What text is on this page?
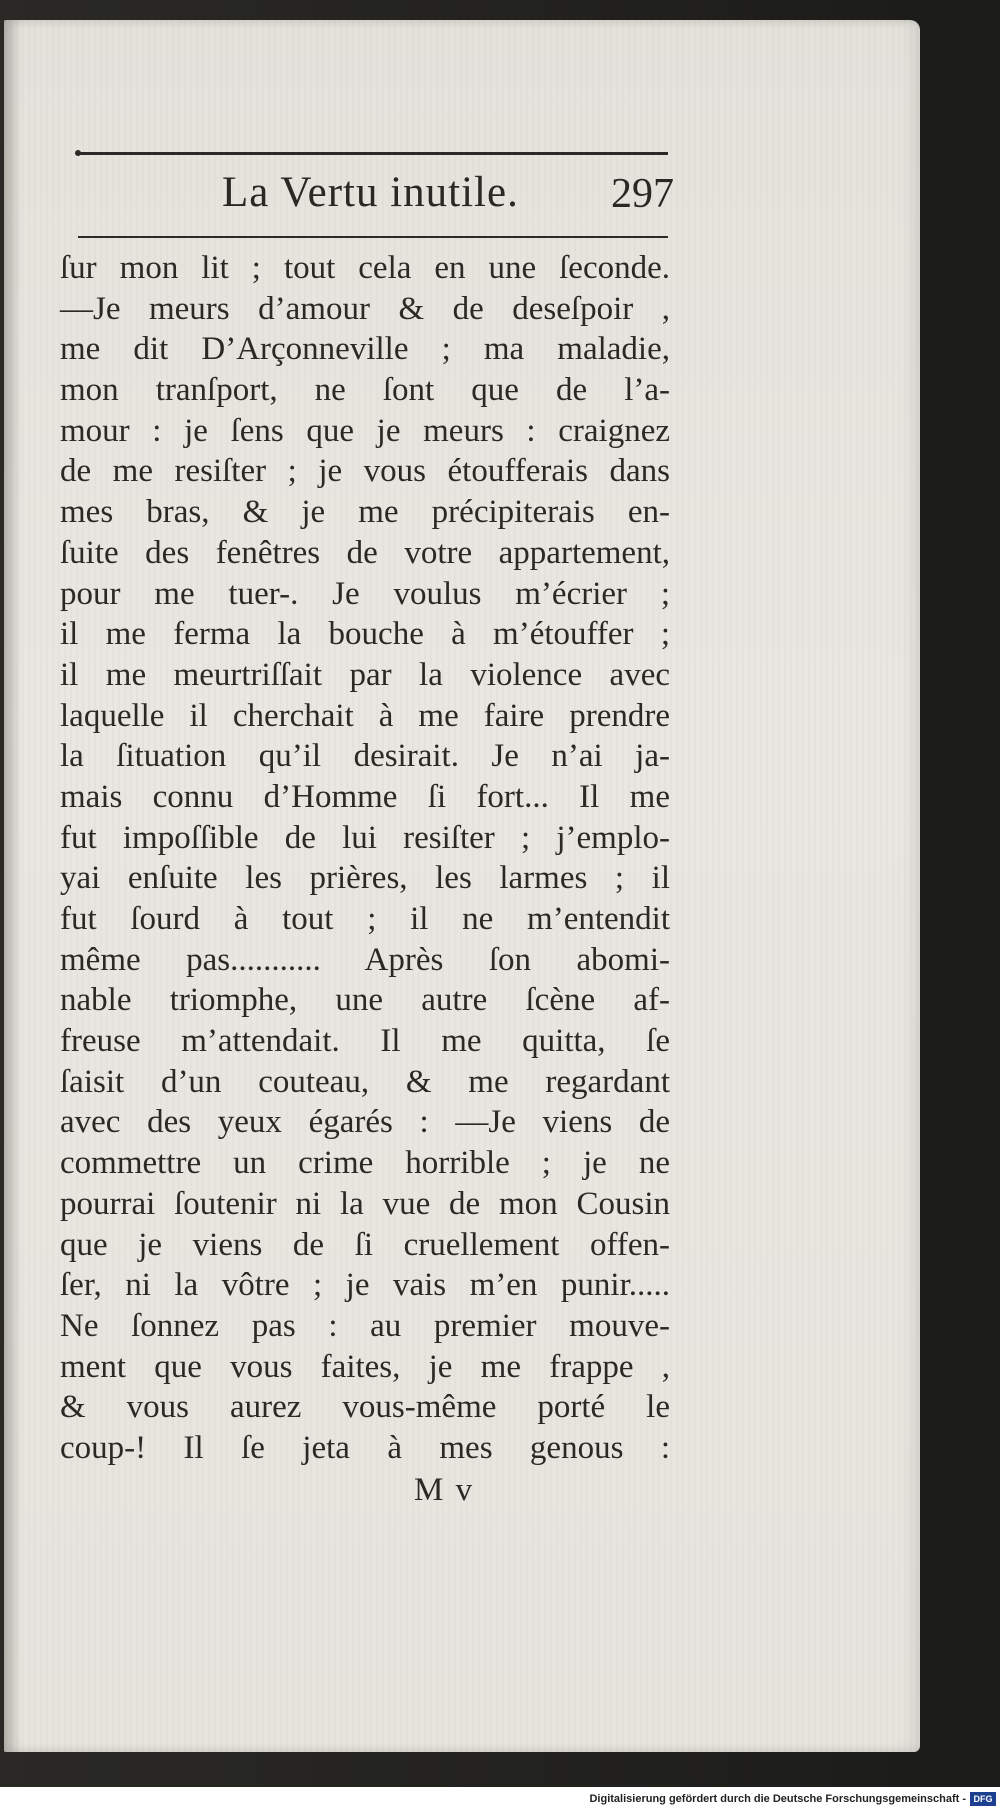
La Vertu inutile. 297
ſur mon lit ; tout cela en une ſeconde.
—Je meurs d’amour & de deseſpoir ,
me dit D’Arçonneville ; ma maladie,
mon tranſport, ne ſont que de l’a-
mour : je ſens que je meurs : craignez
de me resiſter ; je vous étoufferais dans
mes bras, & je me précipiterais en-
ſuite des fenêtres de votre appartement,
pour me tuer-. Je voulus m’écrier ;
il me ferma la bouche à m’étouffer ;
il me meurtriſſait par la violence avec
laquelle il cherchait à me faire prendre
la ſituation qu’il desirait. Je n’ai ja-
mais connu d’Homme ſi fort... Il me
fut impoſſible de lui resiſter ; j’emplo-
yai enſuite les prières, les larmes ; il
fut ſourd à tout ; il ne m’entendit
même pas........... Après ſon abomi-
nable triomphe, une autre ſcène af-
freuse m’attendait. Il me quitta, ſe
ſaisit d’un couteau, & me regardant
avec des yeux égarés : —Je viens de
commettre un crime horrible ; je ne
pourrai ſoutenir ni la vue de mon Cousin
que je viens de ſi cruellement offen-
ſer, ni la vôtre ; je vais m’en punir.....
Ne ſonnez pas : au premier mouve-
ment que vous faites, je me frappe ,
& vous aurez vous-même porté le
coup-! Il ſe jeta à mes genous :
M v
Digitalisierung gefördert durch die Deutsche Forschungsgemeinschaft - DFG
